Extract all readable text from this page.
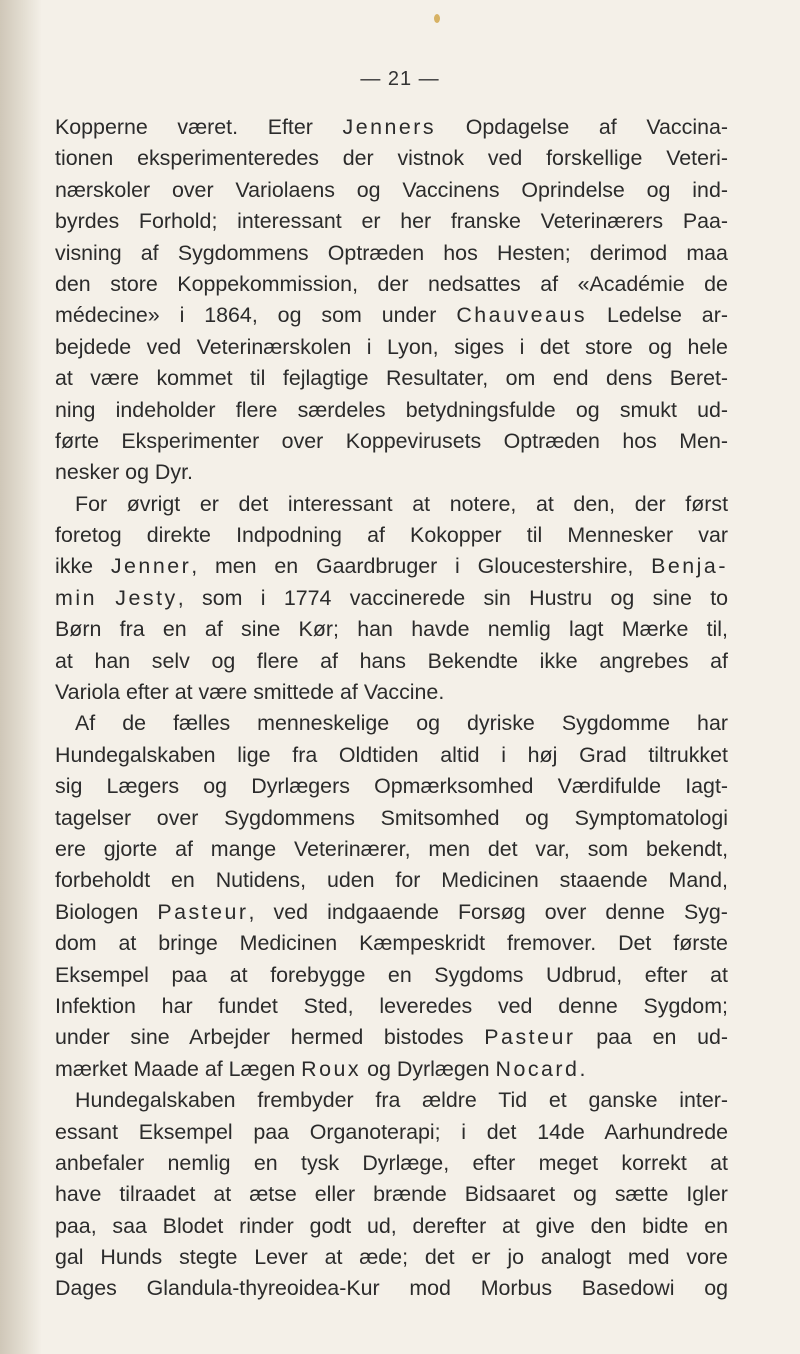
— 21 —
Kopperne været. Efter Jenners Opdagelse af Vaccina-
tionen eksperimenteredes der vistnok ved forskellige Veteri-
nærskoler over Variolaens og Vaccinens Oprindelse og ind-
byrdes Forhold; interessant er her franske Veterinærers Paa-
visning af Sygdommens Optræden hos Hesten; derimod maa
den store Koppekommission, der nedsattes af «Académie de
médecine» i 1864, og som under Chauveaus Ledelse ar-
bejdede ved Veterinærskolen i Lyon, siges i det store og hele
at være kommet til fejlagtige Resultater, om end dens Beret-
ning indeholder flere særdeles betydningsfulde og smukt ud-
førte Eksperimenter over Koppevirusets Optræden hos Men-
nesker og Dyr.
For øvrigt er det interessant at notere, at den, der først
foretog direkte Indpodning af Kokopper til Mennesker var
ikke Jenner, men en Gaardbruger i Gloucestershire, Benja-
min Jesty, som i 1774 vaccinerede sin Hustru og sine to
Børn fra en af sine Kør; han havde nemlig lagt Mærke til,
at han selv og flere af hans Bekendte ikke angrebes af
Variola efter at være smittede af Vaccine.
Af de fælles menneskelige og dyriske Sygdomme har
Hundegalskaben lige fra Oldtiden altid i høj Grad tiltrukket
sig Lægers og Dyrlægers Opmærksomhed Værdifulde Iagt-
tagelser over Sygdommens Smitsomhed og Symptomatologi
ere gjorte af mange Veterinærer, men det var, som bekendt,
forbeholdt en Nutidens, uden for Medicinen staaende Mand,
Biologen Pasteur, ved indgaaende Forsøg over denne Syg-
dom at bringe Medicinen Kæmpeskridt fremover. Det første
Eksempel paa at forebygge en Sygdoms Udbrud, efter at
Infektion har fundet Sted, leveredes ved denne Sygdom;
under sine Arbejder hermed bistodes Pasteur paa en ud-
mærket Maade af Lægen Roux og Dyrlægen Nocard.
Hundegalskaben frembyder fra ældre Tid et ganske inter-
essant Eksempel paa Organoterapi; i det 14de Aarhundrede
anbefaler nemlig en tysk Dyrlæge, efter meget korrekt at
have tilraadet at ætse eller brænde Bidsaaret og sætte Igler
paa, saa Blodet rinder godt ud, derefter at give den bidte en
gal Hunds stegte Lever at æde; det er jo analogt med vore
Dages Glandula-thyreoidea-Kur mod Morbus Basedowi og
